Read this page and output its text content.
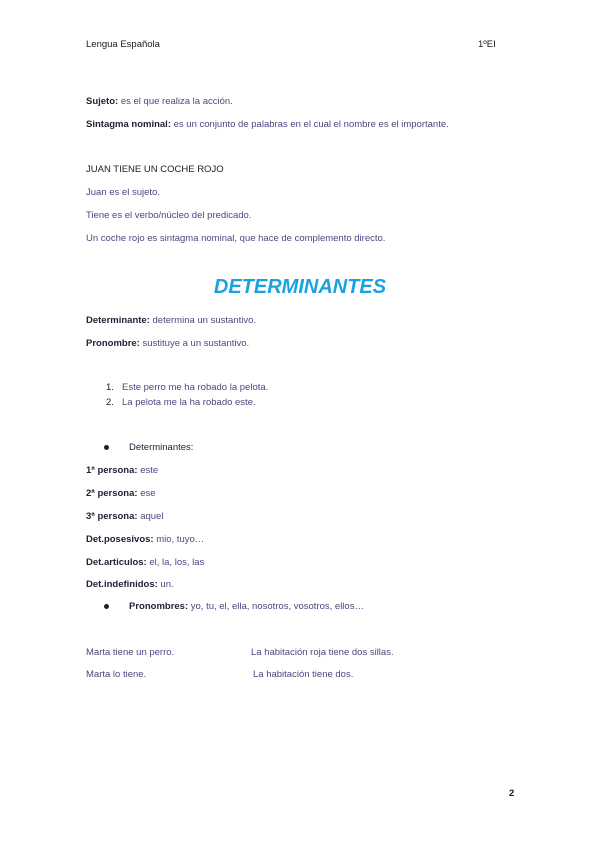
Lengua Española	1ºEI
Sujeto: es el que realiza la acción.
Sintagma nominal: es un conjunto de palabras en el cual el nombre es el importante.
JUAN TIENE UN COCHE ROJO
Juan es el sujeto.
Tiene es el verbo/núcleo del predicado.
Un coche rojo es sintagma nominal, que hace de complemento directo.
DETERMINANTES
Determinante: determina un sustantivo.
Pronombre: sustituye a un sustantivo.
1. Este perro me ha robado la pelota.
2. La pelota me la ha robado este.
Determinantes:
1ª persona: este
2ª persona: ese
3ª persona: aquel
Det.posesivos: mio, tuyo…
Det.articulos: el, la, los, las
Det.indefinidos: un.
Pronombres: yo, tu, el, ella, nosotros, vosotros, ellos…
Marta tiene un perro.	La habitación roja tiene dos sillas.
Marta lo tiene.	La habitación tiene dos.
2
